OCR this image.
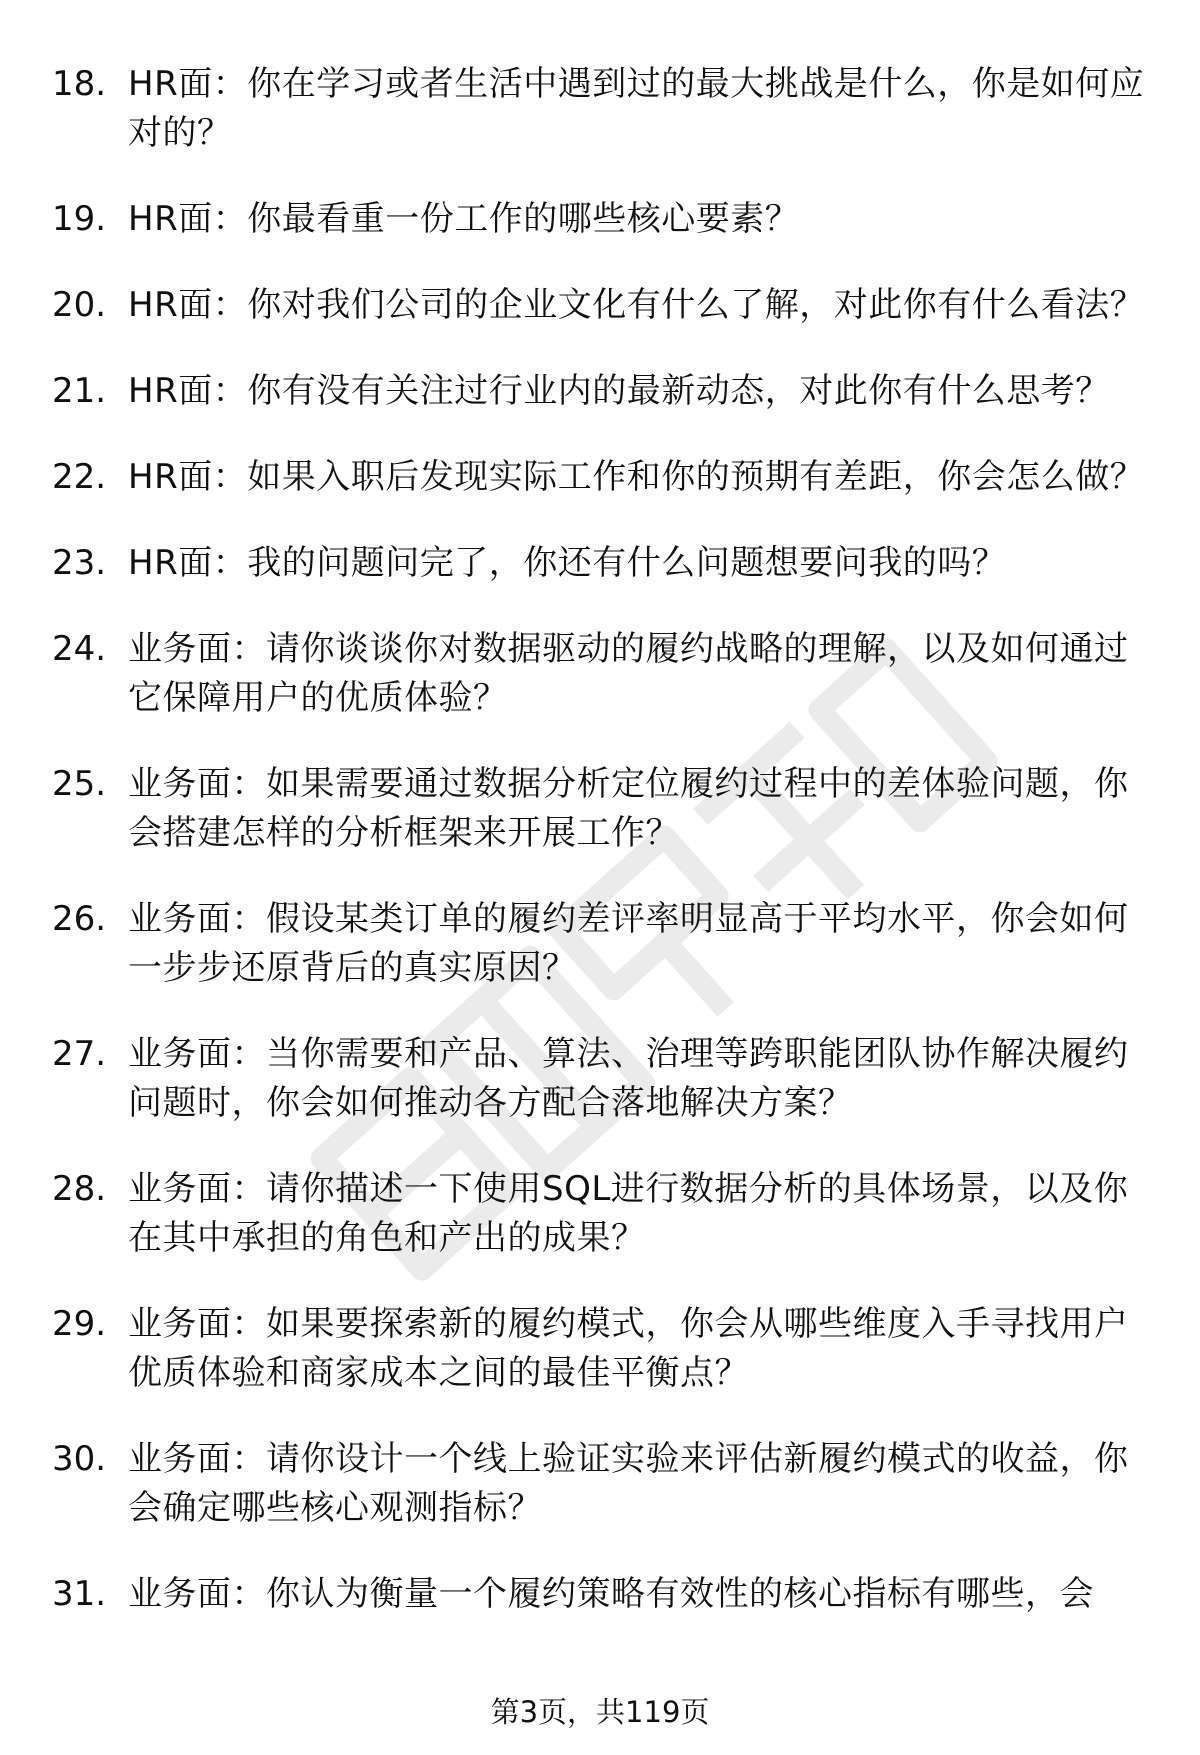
18. HR面：你在学习或者生活中遇到过的最大挑战是什么，你是如何应对的？
19. HR面：你最看重一份工作的哪些核心要素？
20. HR面：你对我们公司的企业文化有什么了解，对此你有什么看法？
21. HR面：你有没有关注过行业内的最新动态，对此你有什么思考？
22. HR面：如果入职后发现实际工作和你的预期有差距，你会怎么做？
23. HR面：我的问题问完了，你还有什么问题想要问我的吗？
24. 业务面：请你谈谈你对数据驱动的履约战略的理解，以及如何通过它保障用户的优质体验？
25. 业务面：如果需要通过数据分析定位履约过程中的差体验问题，你会搭建怎样的分析框架来开展工作？
26. 业务面：假设某类订单的履约差评率明显高于平均水平，你会如何一步步还原背后的真实原因？
27. 业务面：当你需要和产品、算法、治理等跨职能团队协作解决履约问题时，你会如何推动各方配合落地解决方案？
28. 业务面：请你描述一下使用SQL进行数据分析的具体场景，以及你在其中承担的角色和产出的成果？
29. 业务面：如果要探索新的履约模式，你会从哪些维度入手寻找用户优质体验和商家成本之间的最佳平衡点？
30. 业务面：请你设计一个线上验证实验来评估新履约模式的收益，你会确定哪些核心观测指标？
31. 业务面：你认为衡量一个履约策略有效性的核心指标有哪些，会
第3页，共119页
